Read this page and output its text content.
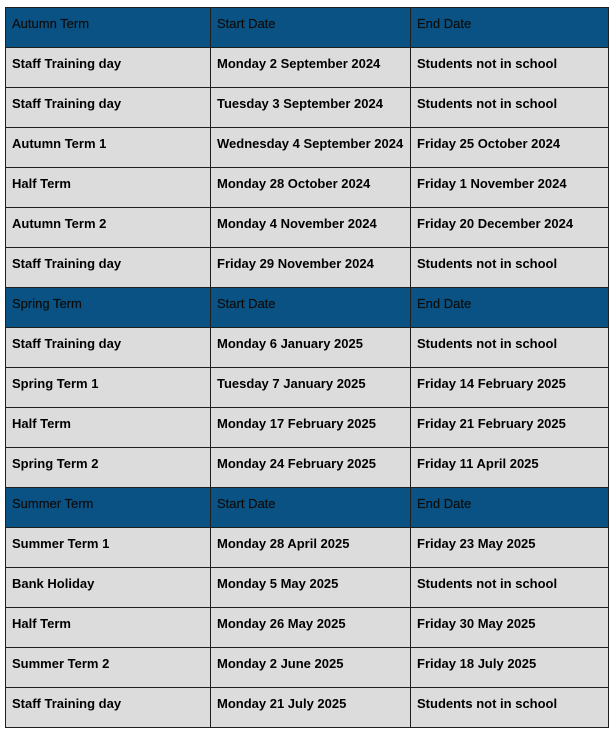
Autumn Term	Start Date	End Date
Staff Training day	Monday 2 September 2024	Students not in school
Staff Training day	Tuesday 3 September 2024	Students not in school
Autumn Term 1	Wednesday 4 September 2024	Friday 25 October 2024
Half Term	Monday 28 October 2024	Friday 1 November 2024
Autumn Term 2	Monday 4 November 2024	Friday 20 December 2024
Staff Training day	Friday 29 November 2024	Students not in school
Spring Term	Start Date	End Date
Staff Training day	Monday 6 January 2025	Students not in school
Spring Term 1	Tuesday 7 January 2025	Friday 14 February 2025
Half Term	Monday 17 February 2025	Friday 21 February 2025
Spring Term 2	Monday 24 February 2025	Friday 11 April 2025
Summer Term	Start Date	End Date
Summer Term 1	Monday 28 April 2025	Friday 23 May 2025
Bank Holiday	Monday 5 May 2025	Students not in school
Half Term	Monday 26 May 2025	Friday 30 May 2025
Summer Term 2	Monday 2 June 2025	Friday 18 July 2025
Staff Training day	Monday 21 July 2025	Students not in school
